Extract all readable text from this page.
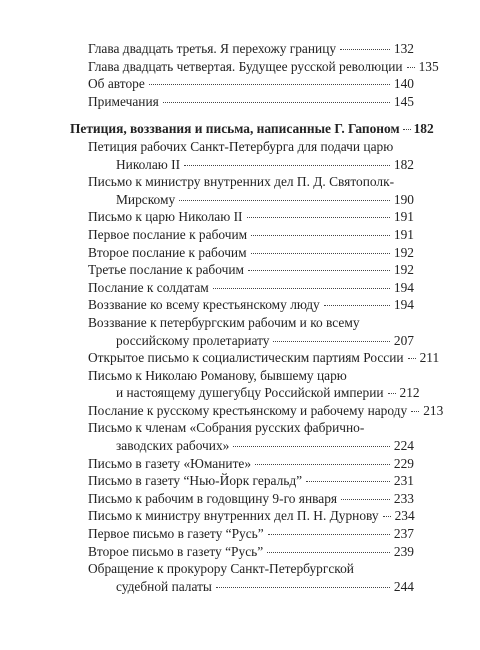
Глава двадцать третья. Я перехожу границу	132
Глава двадцать четвертая. Будущее русской революции 135
Об авторе	140
Примечания	145
Петиция, воззвания и письма, написанные Г. Гапоном 182
Петиция рабочих Санкт-Петербурга для подачи царю
Николаю II	182
Письмо к министру внутренних дел П. Д. Святополк-
Мирскому	190
Письмо к царю Николаю II	191
Первое послание к рабочим	191
Второе послание к рабочим	192
Третье послание к рабочим	192
Послание к солдатам	194
Воззвание ко всему крестьянскому люду	194
Воззвание к петербургским рабочим и ко всему
российскому пролетариату	207
Открытое письмо к социалистическим партиям России 211
Письмо к Николаю Романову, бывшему царю
и настоящему душегубцу Российской империи 212
Послание к русскому крестьянскому и рабочему народу 213
Письмо к членам «Собрания русских фабрично-
заводских рабочих»	224
Письмо в газету «Юманите»	229
Письмо в газету “Нью-Йорк геральд”	231
Письмо к рабочим в годовщину 9-го января	233
Письмо к министру внутренних дел П. Н. Дурнову 234
Первое письмо в газету “Русь”	237
Второе письмо в газету “Русь”	239
Обращение к прокурору Санкт-Петербургской
судебной палаты	244
